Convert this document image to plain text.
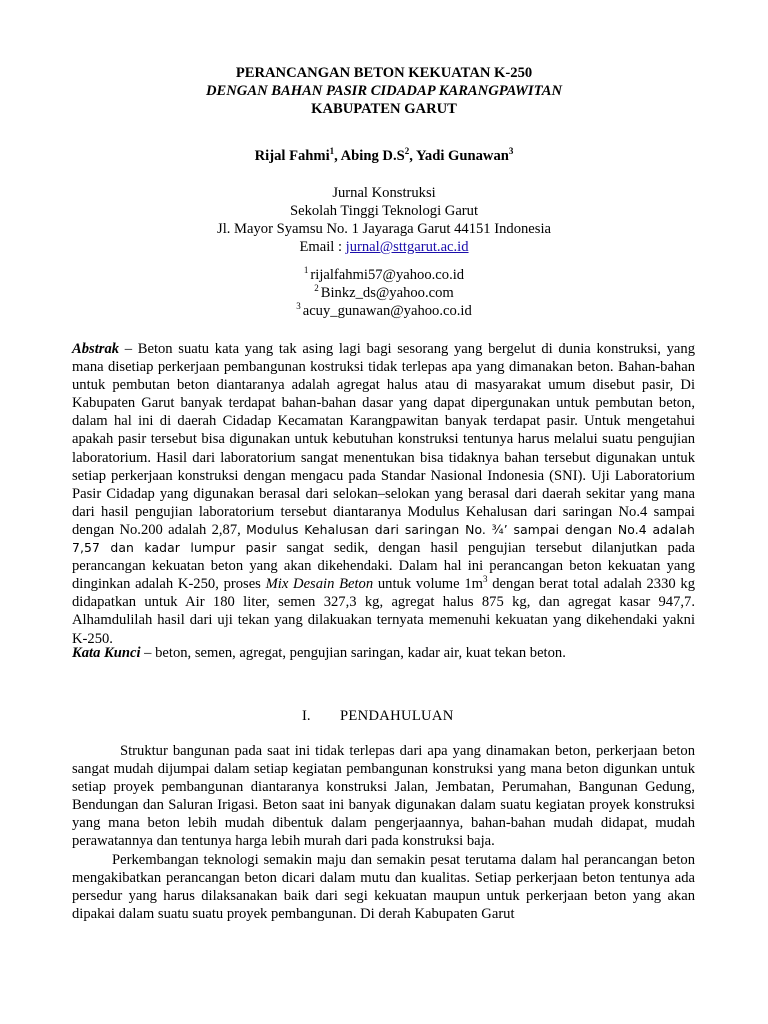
PERANCANGAN BETON KEKUATAN K-250
DENGAN BAHAN PASIR CIDADAP KARANGPAWITAN
KABUPATEN GARUT
Rijal Fahmi$^1$, Abing $D.S^2$, Yadi Gunawan$^3$
Jurnal Konstruksi
Sekolah Tinggi Teknologi Garut
Jl. Mayor Syamsu No. 1 Jayaraga Garut 44151 Indonesia
Email : jurnal@sttgarut.ac.id
$^1$ rijalfahmi57@yahoo.co.id
$^2$ Binkz_ds@yahoo.com
$^3$ acuy_gunawan@yahoo.co.id
Abstrak – Beton suatu kata yang tak asing lagi bagi sesorang yang bergelut di dunia konstruksi, yang mana disetiap perkerjaan pembangunan kostruksi tidak terlepas apa yang dimanakan beton. Bahan-bahan untuk pembutan beton diantaranya adalah agregat halus atau di masyarakat umum disebut pasir, Di Kabupaten Garut banyak terdapat bahan-bahan dasar yang dapat dipergunakan untuk pembutan beton, dalam hal ini di daerah Cidadap Kecamatan Karangpawitan banyak terdapat pasir. Untuk mengetahui apakah pasir tersebut bisa digunakan untuk kebutuhan konstruksi tentunya harus melalui suatu pengujian laboratorium. Hasil dari laboratorium sangat menentukan bisa tidaknya bahan tersebut digunakan untuk setiap perkerjaan konstruksi dengan mengacu pada Standar Nasional Indonesia (SNI). Uji Laboratorium Pasir Cidadap yang digunakan berasal dari selokan–selokan yang berasal dari daerah sekitar yang mana dari hasil pengujian laboratorium tersebut diantaranya Modulus Kehalusan dari saringan No.4 sampai dengan No.200 adalah 2,87, Modulus Kehalusan dari saringan No. ¾’ sampai dengan No.4 adalah 7,57 dan kadar lumpur pasir sangat sedik, dengan hasil pengujian tersebut dilanjutkan pada perancangan kekuatan beton yang akan dikehendaki. Dalam hal ini perancangan beton kekuatan yang dinginkan adalah K-250, proses Mix Desain Beton untuk volume $1m^3$ dengan berat total adalah 2330 kg didapatkan untuk Air 180 liter, semen 327,3 kg, agregat halus 875 kg, dan agregat kasar 947,7. Alhamdulilah hasil dari uji tekan yang dilakuakan ternyata memenuhi kekuatan yang dikehendaki yakni K-250.
Kata Kunci – beton, semen, agregat, pengujian saringan, kadar air, kuat tekan beton.
I. PENDAHULUAN

Struktur bangunan pada saat ini tidak terlepas dari apa yang dinamakan beton, perkerjaan beton sangat mudah dijumpai dalam setiap kegiatan pembangunan konstruksi yang mana beton digunkan untuk setiap proyek pembangunan diantaranya konstruksi Jalan, Jembatan, Perumahan, Bangunan Gedung, Bendungan dan Saluran Irigasi. Beton saat ini banyak digunakan dalam suatu kegiatan proyek konstruksi yang mana beton lebih mudah dibentuk dalam pengerjaannya, bahan-bahan mudah didapat, mudah perawatannya dan tentunya harga lebih murah dari pada konstruksi baja.

Perkembangan teknologi semakin maju dan semakin pesat terutama dalam hal perancangan beton mengakibatkan perancangan beton dicari dalam mutu dan kualitas. Setiap perkerjaan beton tentunya ada persedur yang harus dilaksanakan baik dari segi kekuatan maupun untuk perkerjaan beton yang akan dipakai dalam suatu suatu proyek pembangunan. Di derah Kabupaten Garut
